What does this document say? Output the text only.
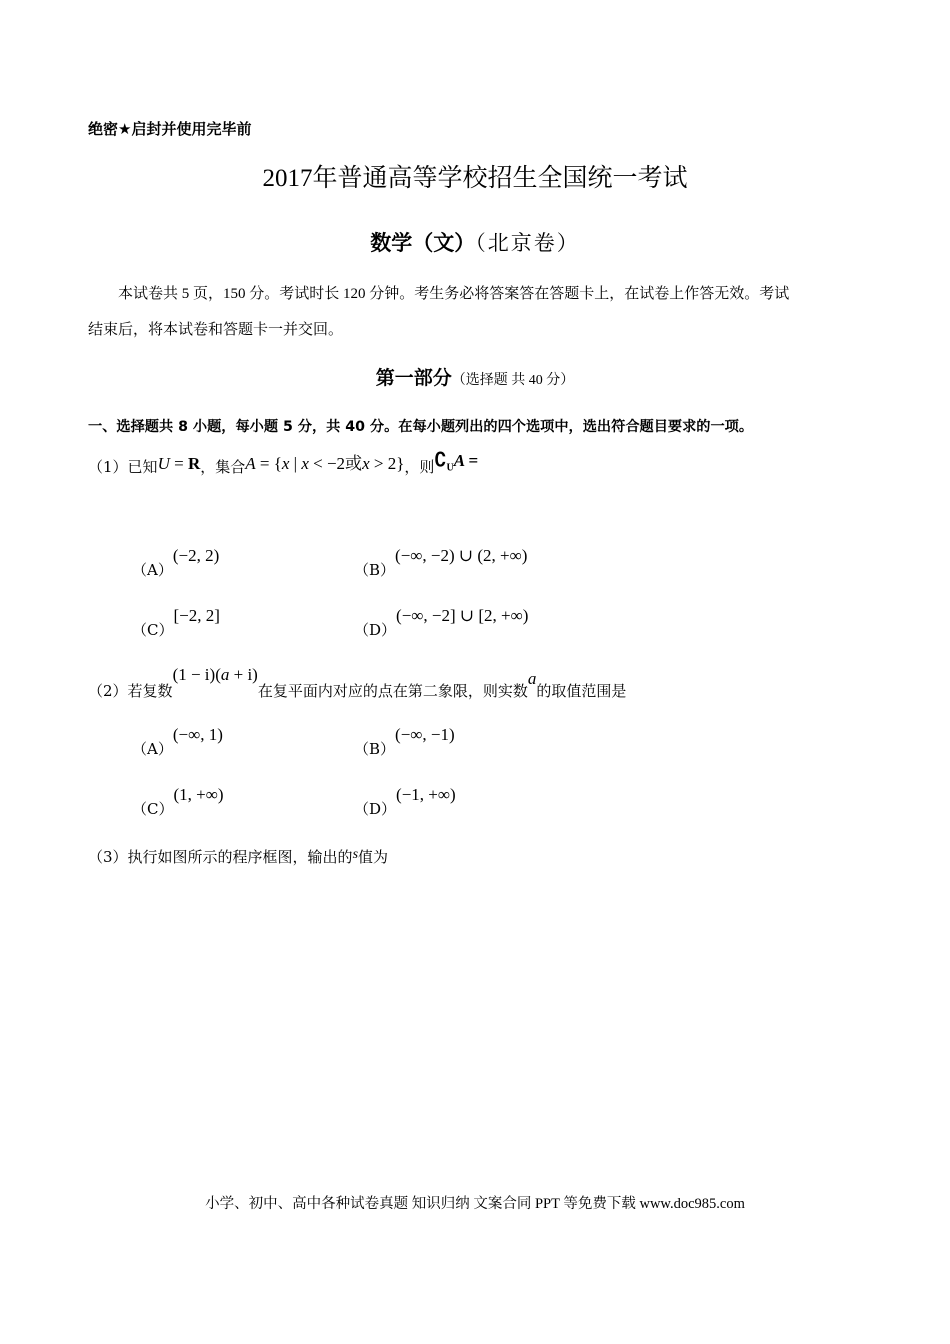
绝密★启封并使用完毕前
2017年普通高等学校招生全国统一考试
数学（文）（北京卷）
本试卷共 5 页，150 分。考试时长 120 分钟。考生务必将答案答在答题卡上，在试卷上作答无效。考试
结束后，将本试卷和答题卡一并交回。
第一部分（选择题 共 40 分）
一、选择题共 8 小题，每小题 5 分，共 40 分。在每小题列出的四个选项中，选出符合题目要求的一项。
（1）已知U = R，集合A = {x | x < −2或x > 2}，则$∁_UA$ =
（A）(−2, 2)
（B）(−∞, −2) ∪ (2, +∞)
（C）[−2, 2]
（D）(−∞, −2] ∪ [2, +∞)
（2）若复数(1 − i)(a + i)在复平面内对应的点在第二象限，则实数a的取值范围是
（A）(−∞, 1)
（B）(−∞, −1)
（C）(1, +∞)
（D）(−1, +∞)
（3）执行如图所示的程序框图，输出的s值为
小学、初中、高中各种试卷真题 知识归纳 文案合同 PPT 等免费下载 www.doc985.com
